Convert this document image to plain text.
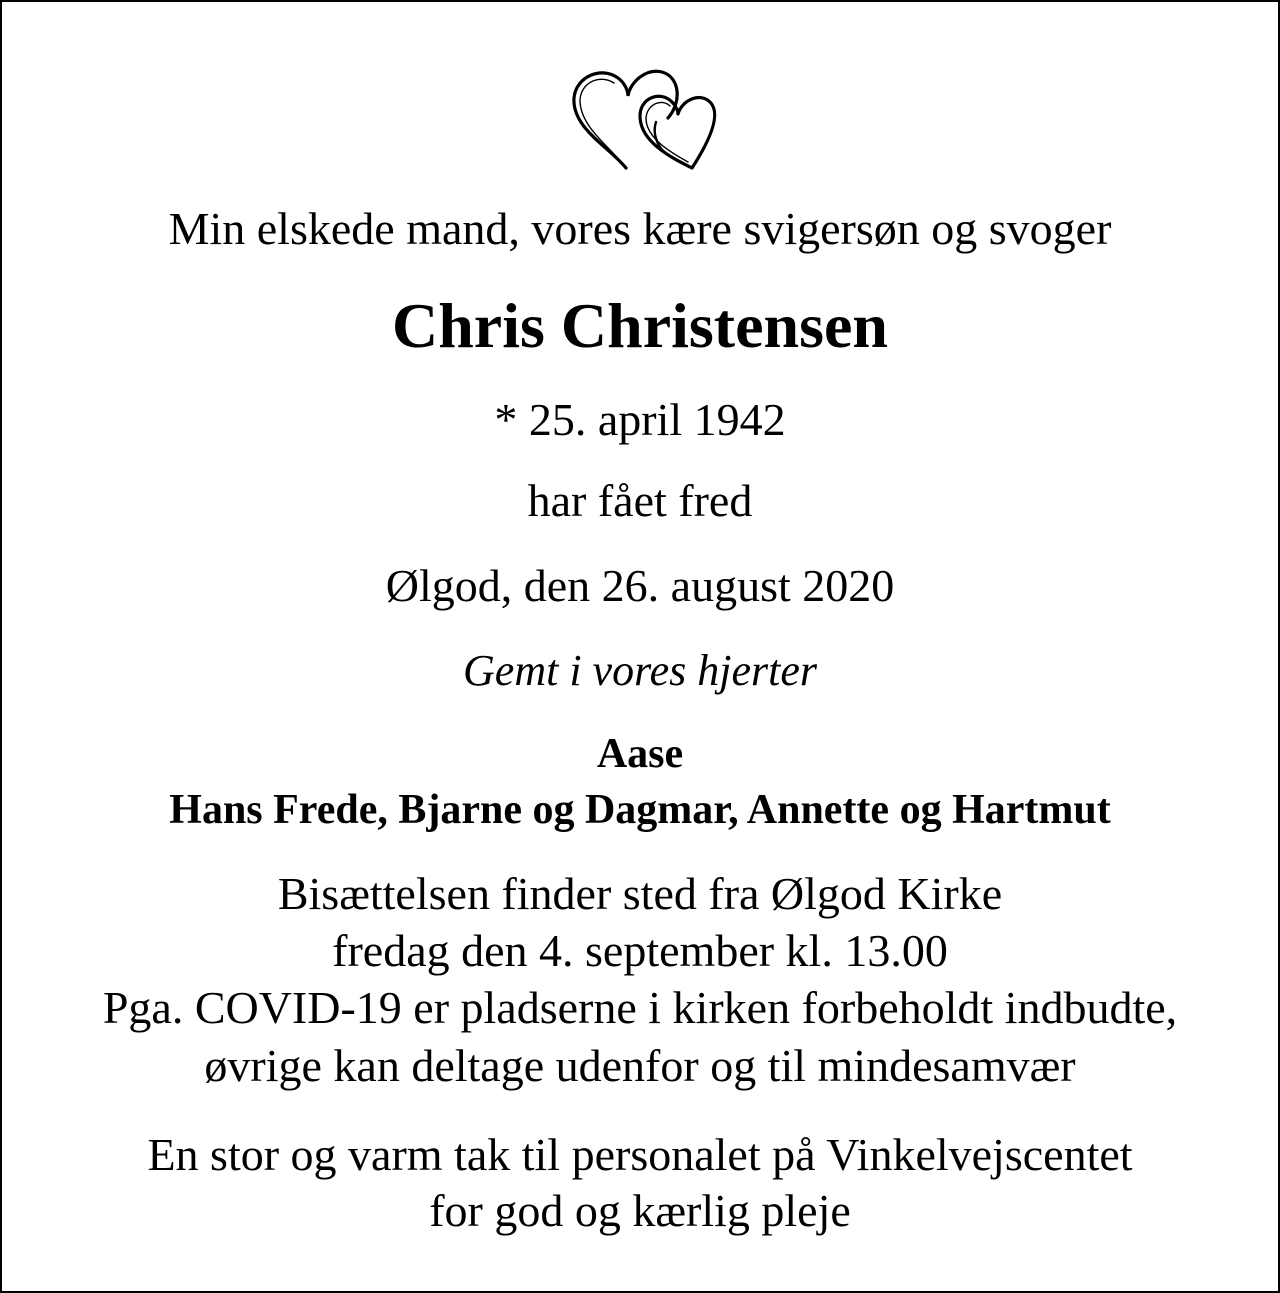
Min elskede mand, vores kære svigersøn og svoger
Chris Christensen
* 25. april 1942
har fået fred
Ølgod, den 26. august 2020
Gemt i vores hjerter
Aase
Hans Frede, Bjarne og Dagmar, Annette og Hartmut
Bisættelsen finder sted fra Ølgod Kirke
fredag den 4. september kl. 13.00
Pga. COVID-19 er pladserne i kirken forbeholdt indbudte,
øvrige kan deltage udenfor og til mindesamvær
En stor og varm tak til personalet på Vinkelvejscentet
for god og kærlig pleje
